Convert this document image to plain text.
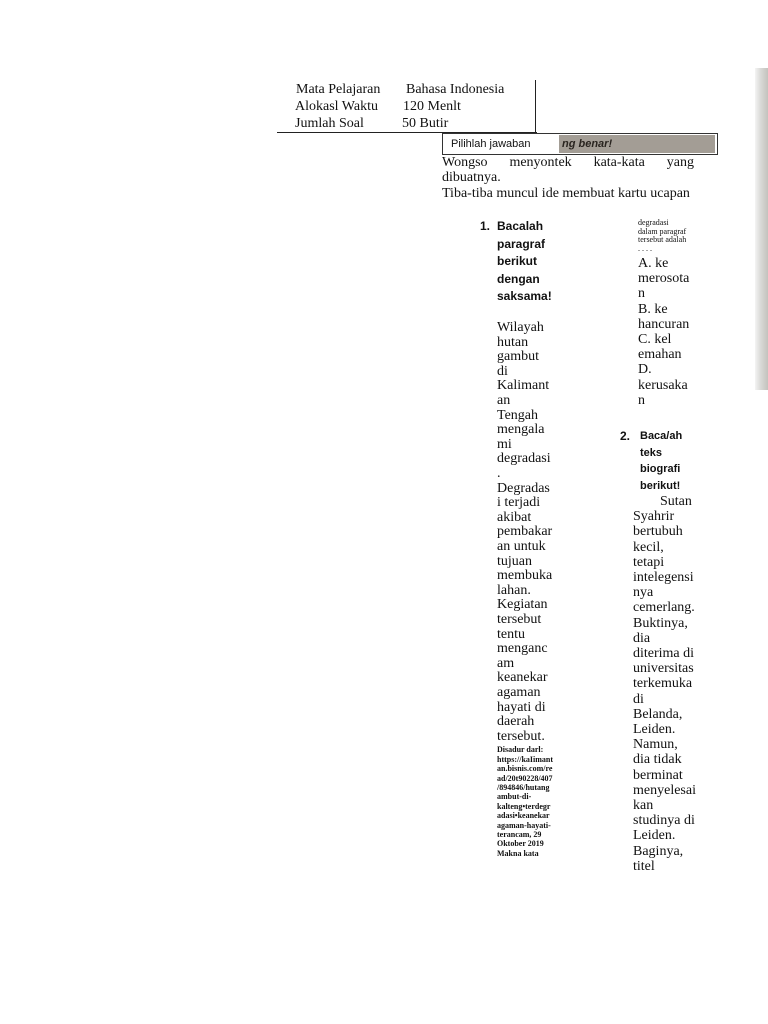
Mata Pelajaran Bahasa Indonesia
Alokasl Waktu 120 Menlt
Jumlah Soal	50 Butir
Pilihlah jawaban	ng benar!
Wongso menyontek kata-kata yang
dibuatnya.
Tiba-tiba muncul ide membuat kartu ucapan
1. Bacalah paragraf berikut dengan saksama!
Wilayah hutan gambut di Kalimantan Tengah mengalami degradasi. Degradasi terjadi akibat pembakaran untuk tujuan membuka lahan. Kegiatan tersebut tentu mengancam keanekaragaman hayati di daerah tersebut.
Disadur darl: https://kaIimantan.bisnis.com/read/20t90228/407/894846/hutangambut-di-kalteng•terdegradasi•keanekaragaman-hayati-terancam, 29 Oktober 2019 Makna kata
degradasi dalam paragraf tersebut adalah . . . .
A. ke merosotan
B. ke hancuran
C. kel emahan
D. kerusakan
2. Baca/ah teks biografi berikut!
Sutan Syahrir bertubuh kecil, tetapi intelegensinya cemerlang. Buktinya, dia diterima di universitas terkemuka di Belanda, Leiden. Namun, dia tidak berminat menyelesaikan studinya di Leiden. Baginya, titel
